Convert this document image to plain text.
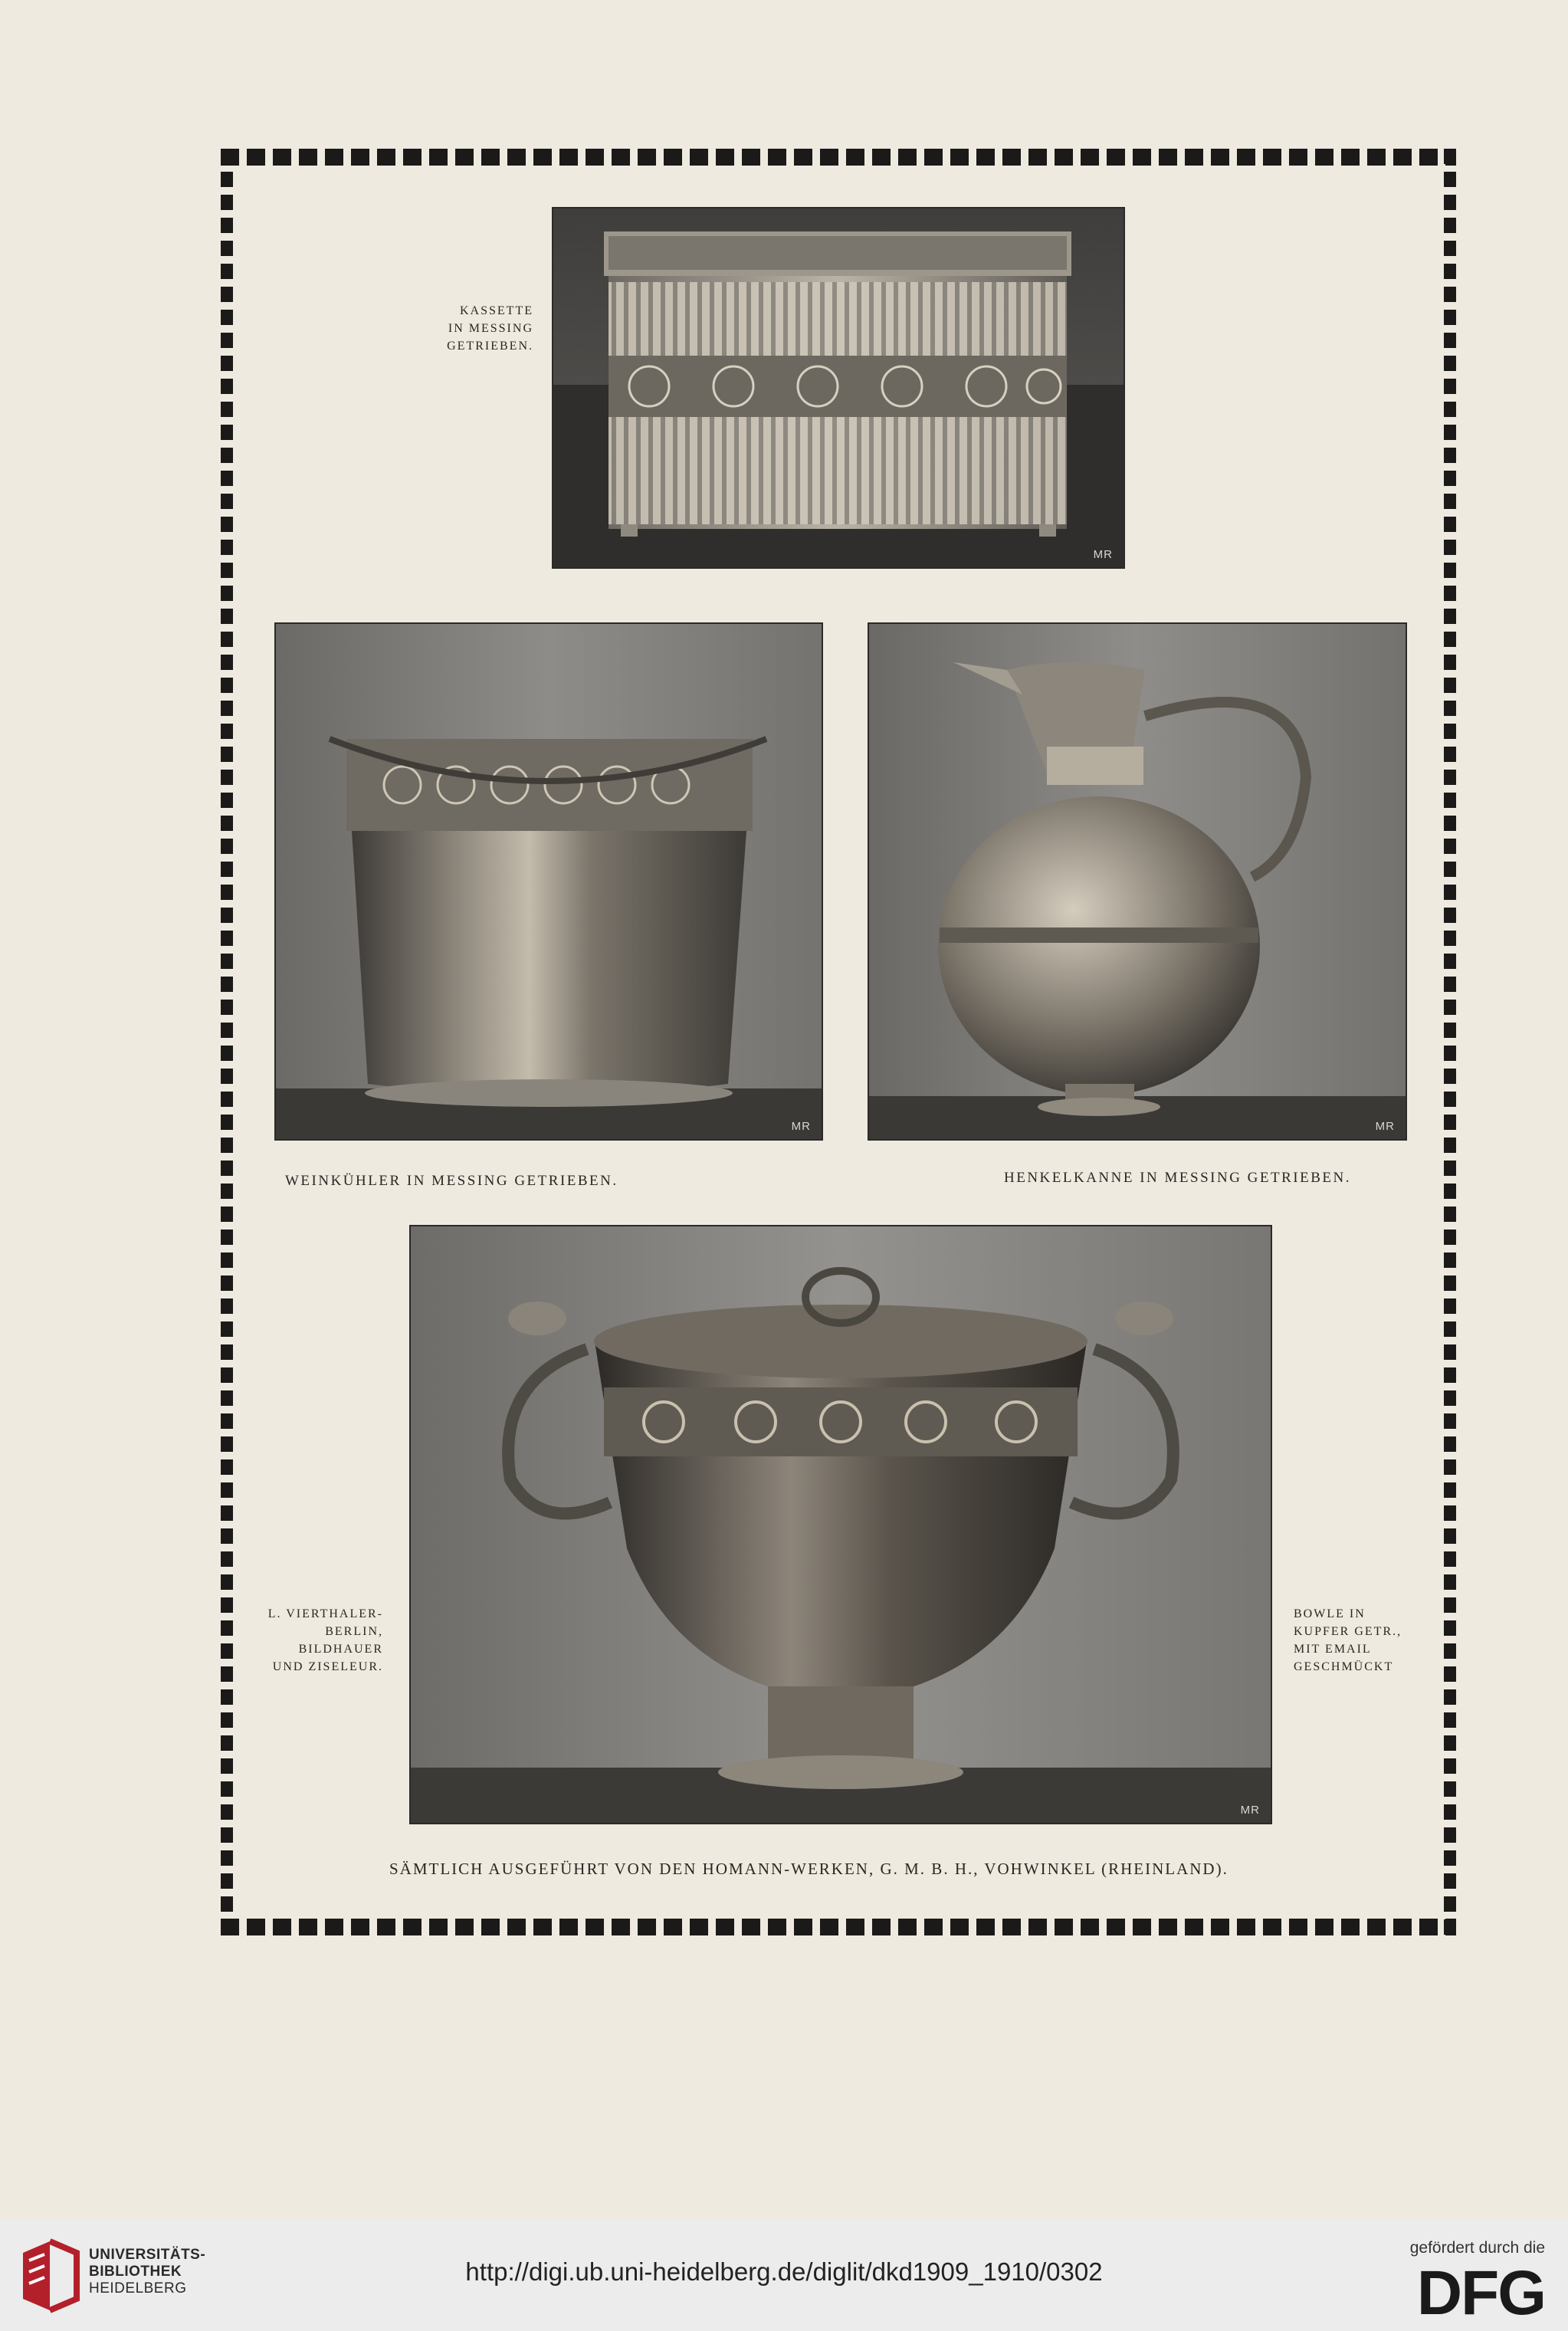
MR
KASSETTE
IN MESSING
GETRIEBEN.
MR	MR
WEINKÜHLER IN MESSING GETRIEBEN.	HENKELKANNE IN MESSING GETRIEBEN.
MR
L. VIERTHALER-
BERLIN,
BILDHAUER
UND ZISELEUR.
BOWLE IN
KUPFER GETR.,
MIT EMAIL
GESCHMÜCKT
SÄMTLICH AUSGEFÜHRT VON DEN HOMANN-WERKEN, G. M. B. H., VOHWINKEL (RHEINLAND).
UNIVERSITÄTS-
BIBLIOTHEK
HEIDELBERG
http://digi.ub.uni-heidelberg.de/diglit/dkd1909_1910/0302
gefördert durch die
DFG
